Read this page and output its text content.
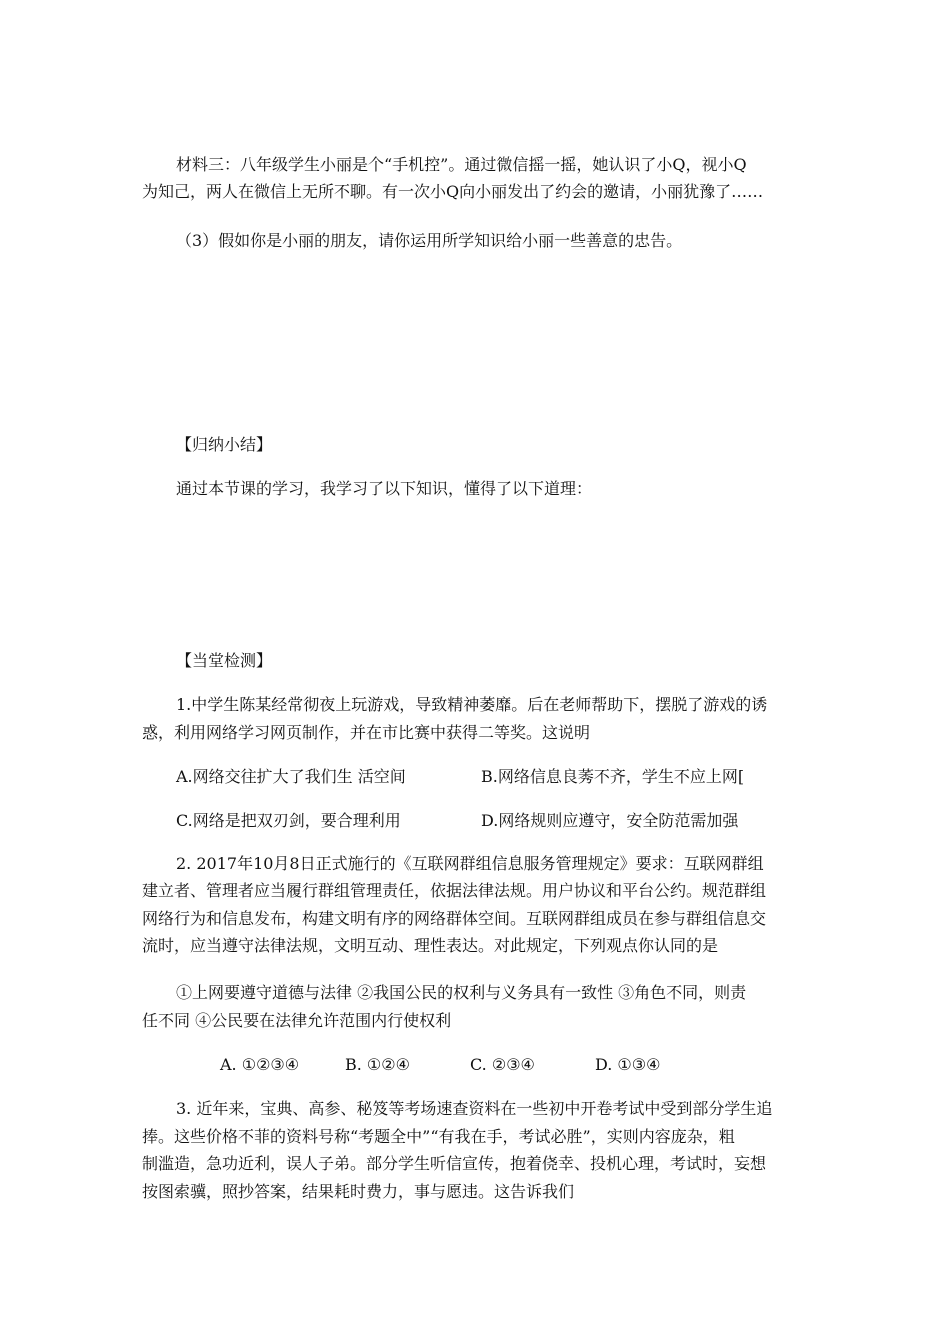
材料三：八年级学生小丽是个“手机控”。通过微信摇一摇，她认识了小Q，视小Q

为知己，两人在微信上无所不聊。有一次小Q向小丽发出了约会的邀请，小丽犹豫了……

（3）假如你是小丽的朋友，请你运用所学知识给小丽一些善意的忠告。

【归纳小结】

通过本节课的学习，我学习了以下知识，懂得了以下道理：

【当堂检测】

1.中学生陈某经常彻夜上玩游戏，导致精神萎靡。后在老师帮助下，摆脱了游戏的诱

惑，利用网络学习网页制作，并在市比赛中获得二等奖。这说明

A.网络交往扩大了我们生 活空间	B.网络信息良莠不齐，学生不应上网[
C.网络是把双刃剑，要合理利用	D.网络规则应遵守，安全防范需加强

2. 2017年10月8日正式施行的《互联网群组信息服务管理规定》要求：互联网群组

建立者、管理者应当履行群组管理责任，依据法律法规。用户协议和平台公约。规范群组

网络行为和信息发布，构建文明有序的网络群体空间。互联网群组成员在参与群组信息交

流时，应当遵守法律法规，文明互动、理性表达。对此规定，下列观点你认同的是

①上网要遵守道德与法律 ②我国公民的权利与义务具有一致性 ③角色不同，则责

任不同 ④公民要在法律允许范围内行使权利

A. ①②③④	B. ①②④	C. ②③④	D. ①③④

3. 近年来，宝典、高参、秘笈等考场速查资料在一些初中开卷考试中受到部分学生追

捧。这些价格不菲的资料号称“考题全中”“有我在手，考试必胜”，实则内容庞杂，粗

制滥造，急功近利，误人子弟。部分学生听信宣传，抱着侥幸、投机心理，考试时，妄想

按图索骥，照抄答案，结果耗时费力，事与愿违。这告诉我们
